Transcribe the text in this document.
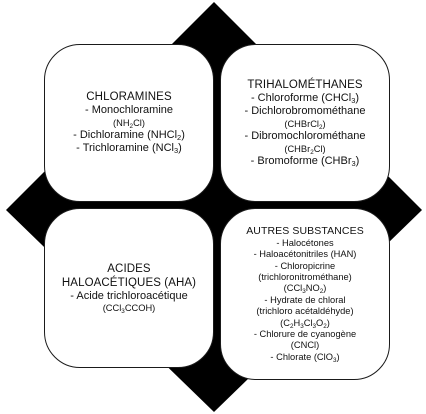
CHLORAMINES
- Monochloramine
$(NH_2Cl)$
- Dichloramine (NHCl$_2$)
- Trichloramine (NCl$_3$)
TRIHALOMÉTHANES
- Chloroforme (CHCl$_3$)
- Dichlorobromométhane
(CHBrCl$_2$)
- Dibromochlorométhane
(CHBr$_2$Cl)
- Bromoforme (CHBr$_3$)
ACIDES
HALOACÉTIQUES (AHA)
- Acide trichloroacétique
(CCl$_3$CCOH)
AUTRES SUBSTANCES
- Halocétones
- Haloacétonitriles (HAN)
- Chloropicrine
(trichloronitrométhane)
$(CCl_3NO_2)$
- Hydrate de chloral
(trichloro acétaldéhyde)
$(C_2H_3Cl_3O_2)$
- Chlorure de cyanogène
(CNCl)
- Chlorate (ClO$_3$)
